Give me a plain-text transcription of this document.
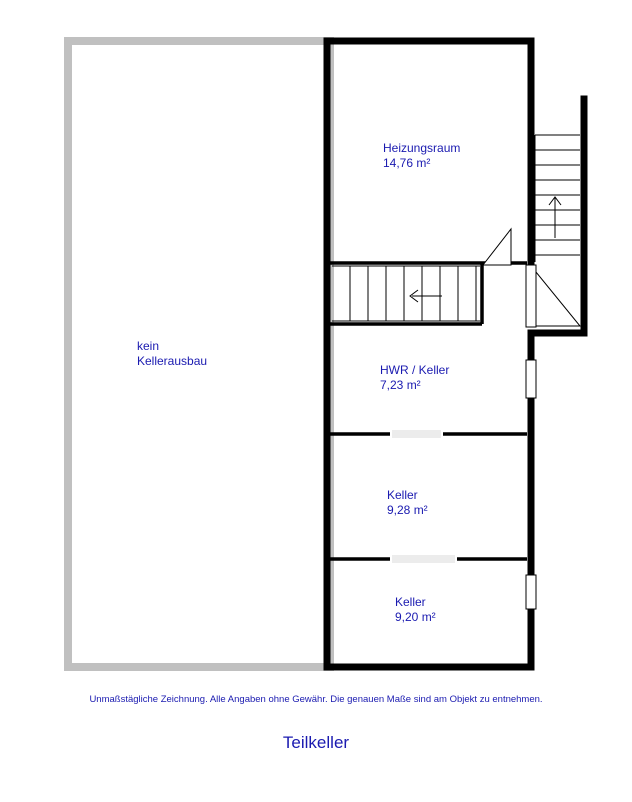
kein
Kellerausbau
Heizungsraum
14,76 m²
HWR / Keller
7,23 m²
Keller
9,28 m²
Keller
9,20 m²
Unmaßstägliche Zeichnung. Alle Angaben ohne Gewähr. Die genauen Maße sind am Objekt zu entnehmen.
Teilkeller
